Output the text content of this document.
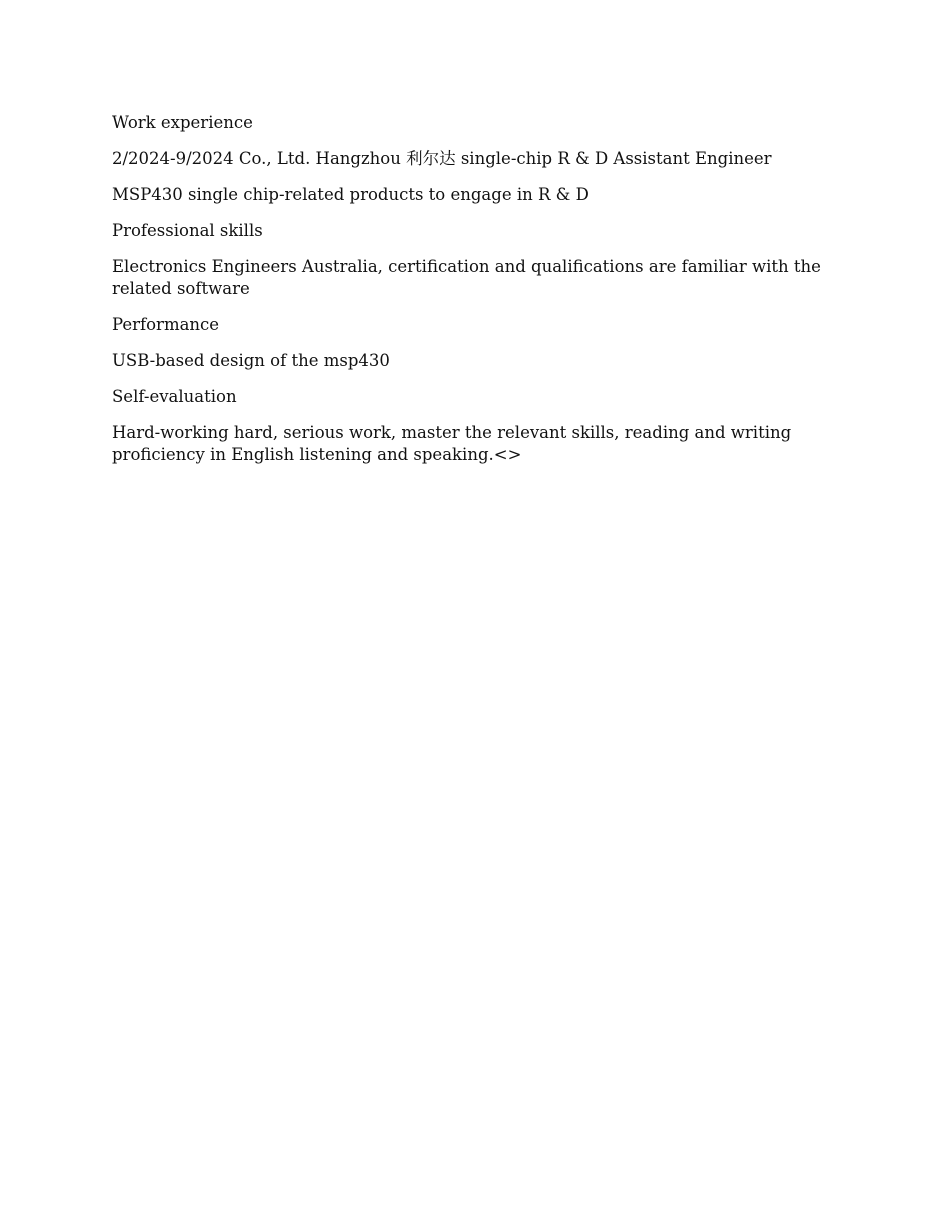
Work experience

2/2024-9/2024 Co., Ltd. Hangzhou 利尔达 single-chip R & D Assistant Engineer

MSP430 single chip-related products to engage in R & D

Professional skills

Electronics Engineers Australia, certification and qualifications are familiar with the related software

Performance

USB-based design of the msp430

Self-evaluation

Hard-working hard, serious work, master the relevant skills, reading and writing proficiency in English listening and speaking.<>
